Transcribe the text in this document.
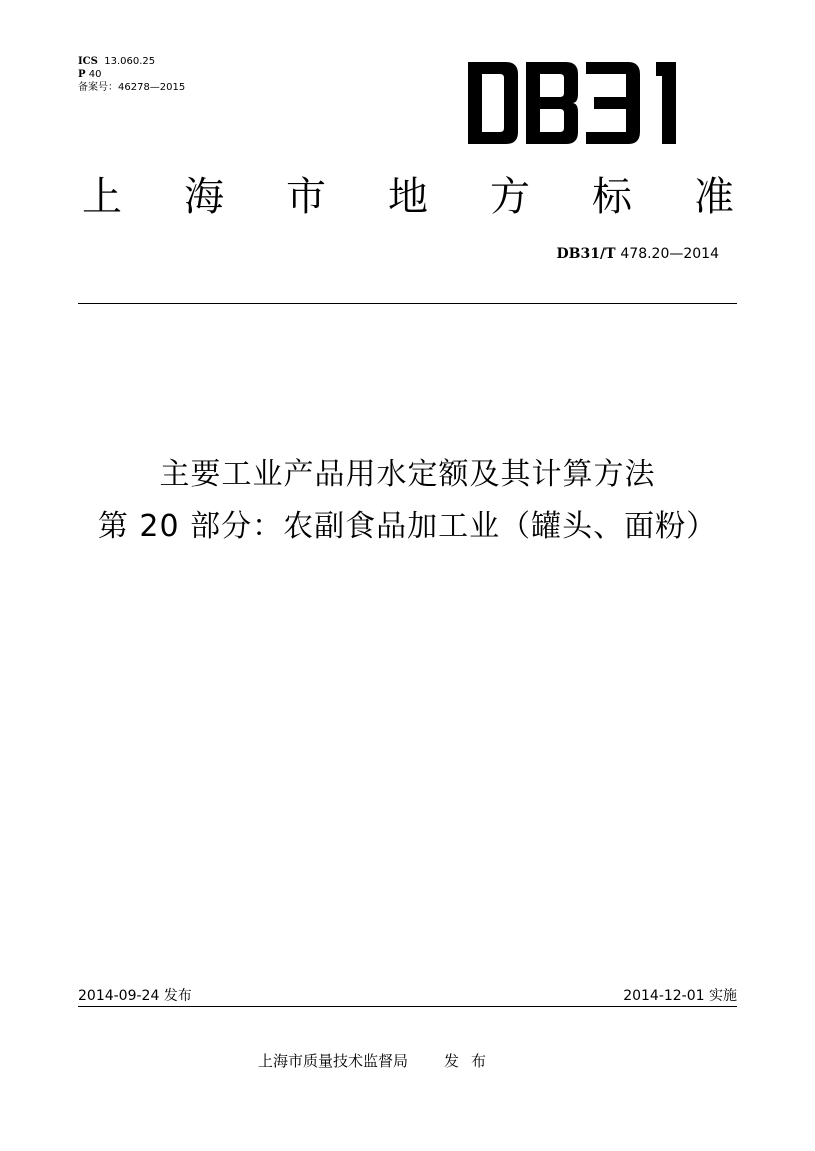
ICS 13.060.25
P 40
备案号：46278—2015
上 海 市 地 方 标 准
DB31/T 478.20—2014
主要工业产品用水定额及其计算方法
第 20 部分：农副食品加工业（罐头、面粉）
2014-09-24 发布	2014-12-01 实施
上海市质量技术监督局 发布
